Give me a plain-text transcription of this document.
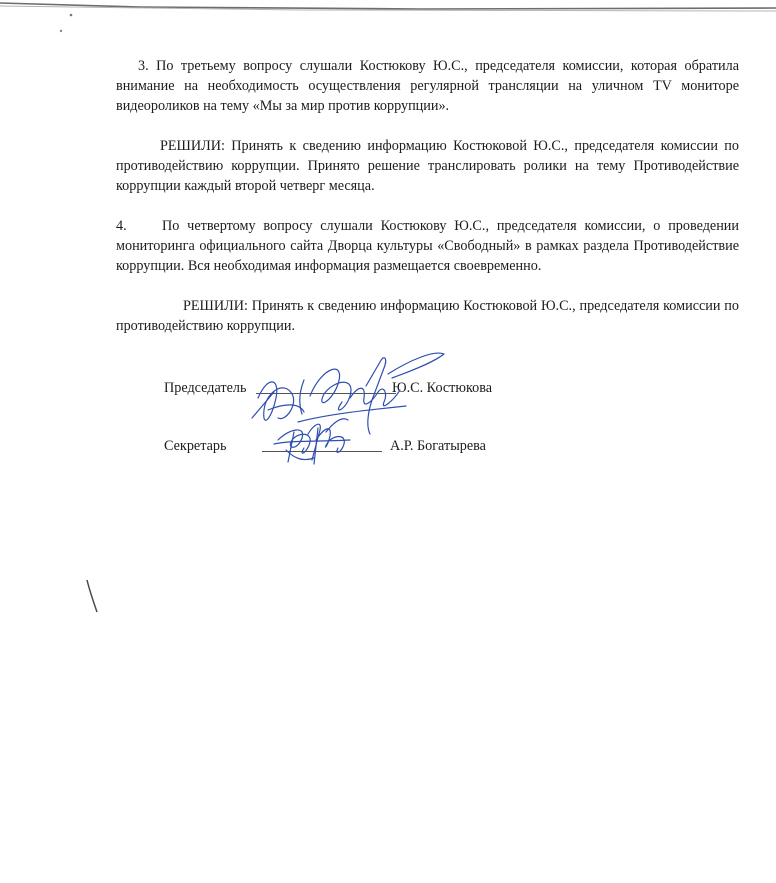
3. По третьему вопросу слушали Костюкову Ю.С., председателя комиссии, которая обратила внимание на необходимость осуществления регулярной трансляции на уличном TV мониторе видеороликов на тему «Мы за мир против коррупции».

РЕШИЛИ: Принять к сведению информацию Костюковой Ю.С., председателя комиссии по противодействию коррупции. Принято решение транслировать ролики на тему Противодействие коррупции каждый второй четверг месяца.

4. По четвертому вопросу слушали Костюкову Ю.С., председателя комиссии, о проведении мониторинга официального сайта Дворца культуры «Свободный» в рамках раздела Противодействие коррупции. Вся необходимая информация размещается своевременно.

РЕШИЛИ: Принять к сведению информацию Костюковой Ю.С., председателя комиссии по противодействию коррупции.

Председатель	Ю.С. Костюкова
Секретарь	А.Р. Богатырева
